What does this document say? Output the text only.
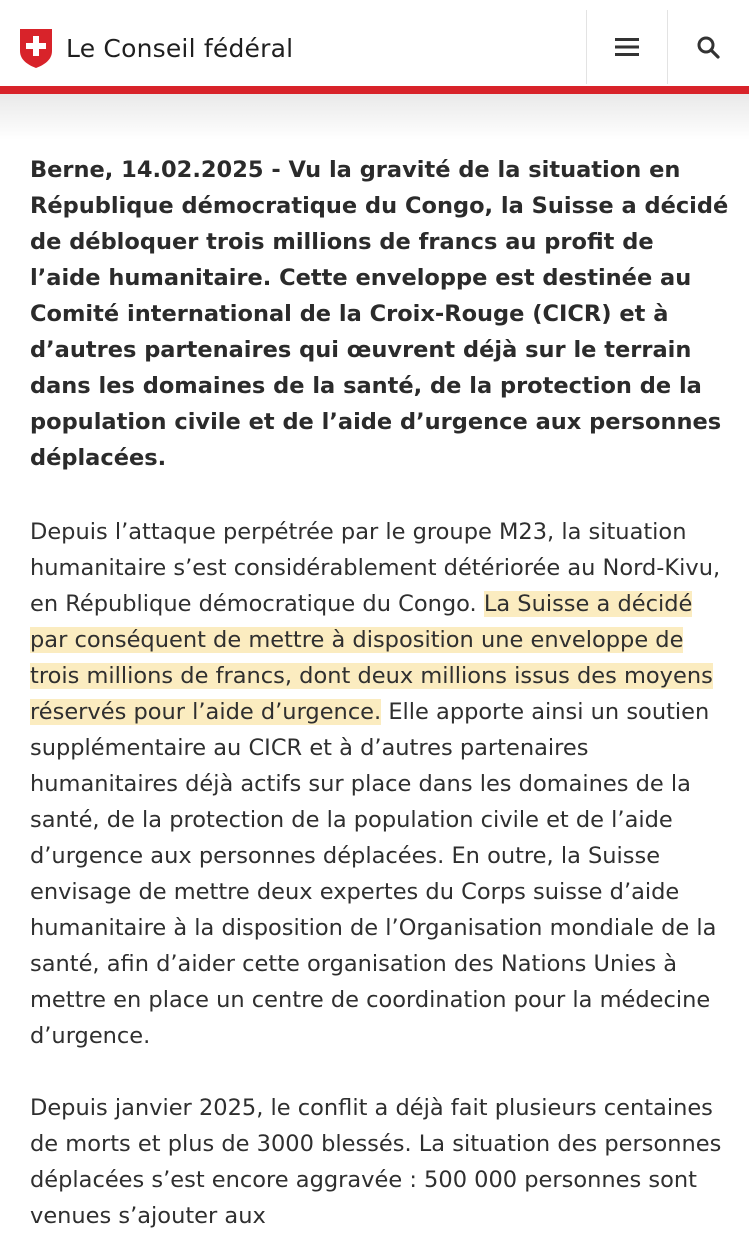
Le Conseil fédéral

Berne, 14.02.2025 - Vu la gravité de la situation en République démocratique du Congo, la Suisse a décidé de débloquer trois millions de francs au profit de l’aide humanitaire. Cette enveloppe est destinée au Comité international de la Croix-Rouge (CICR) et à d’autres partenaires qui œuvrent déjà sur le terrain dans les domaines de la santé, de la protection de la population civile et de l’aide d’urgence aux personnes déplacées.

Depuis l’attaque perpétrée par le groupe M23, la situation humanitaire s’est considérablement détériorée au Nord-Kivu, en République démocratique du Congo. La Suisse a décidé par conséquent de mettre à disposition une enveloppe de trois millions de francs, dont deux millions issus des moyens réservés pour l’aide d’urgence. Elle apporte ainsi un soutien supplémentaire au CICR et à d’autres partenaires humanitaires déjà actifs sur place dans les domaines de la santé, de la protection de la population civile et de l’aide d’urgence aux personnes déplacées. En outre, la Suisse envisage de mettre deux expertes du Corps suisse d’aide humanitaire à la disposition de l’Organisation mondiale de la santé, afin d’aider cette organisation des Nations Unies à mettre en place un centre de coordination pour la médecine d’urgence.

Depuis janvier 2025, le conflit a déjà fait plusieurs centaines de morts et plus de 3000 blessés. La situation des personnes déplacées s’est encore aggravée : 500 000 personnes sont venues s’ajouter aux
